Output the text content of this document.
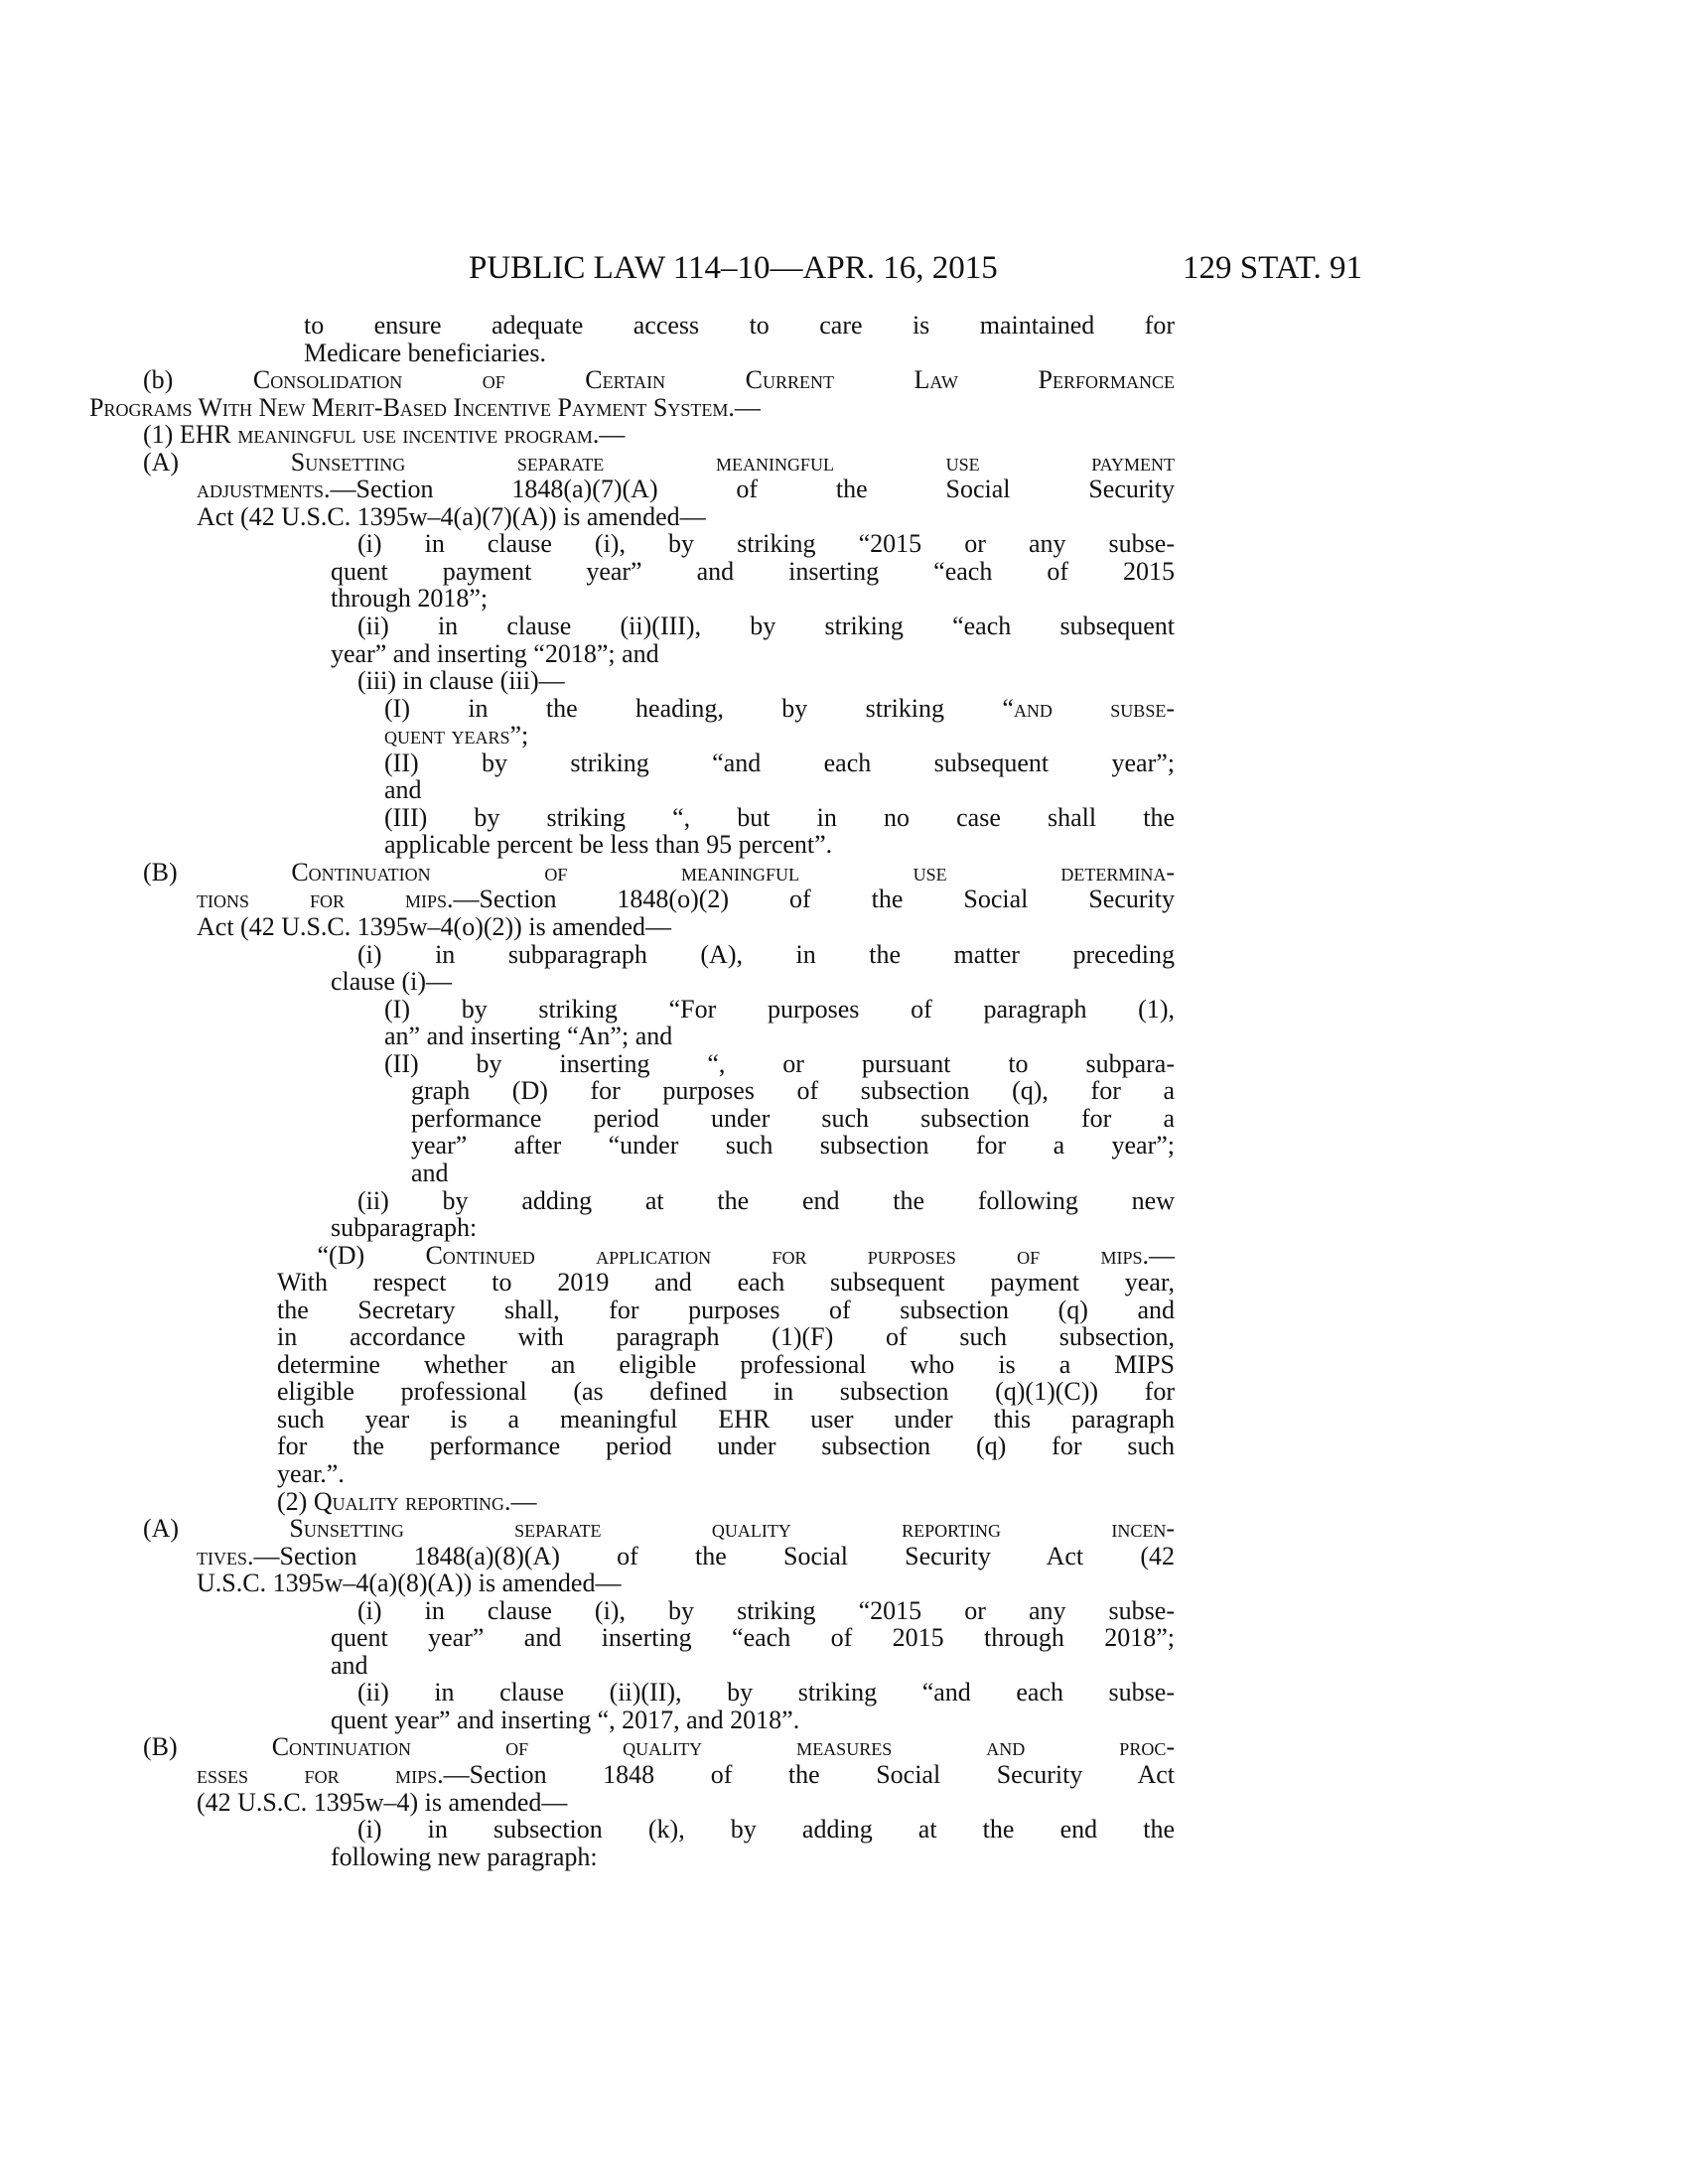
PUBLIC LAW 114–10—APR. 16, 2015	129 STAT. 91
to ensure adequate access to care is maintained for
Medicare beneficiaries.
(b) Consolidation of Certain Current Law Performance
Programs With New Merit-Based Incentive Payment System.—
(1) EHR meaningful use incentive program.—
(A) Sunsetting separate meaningful use payment
adjustments.—Section 1848(a)(7)(A) of the Social Security
Act (42 U.S.C. 1395w–4(a)(7)(A)) is amended—
(i) in clause (i), by striking “2015 or any subse-
quent payment year” and inserting “each of 2015
through 2018”;
(ii) in clause (ii)(III), by striking “each subsequent
year” and inserting “2018”; and
(iii) in clause (iii)—
(I) in the heading, by striking “and subse-
quent years”;
(II) by striking “and each subsequent year”;
and
(III) by striking “, but in no case shall the
applicable percent be less than 95 percent”.
(B) Continuation of meaningful use determina-
tions for mips.—Section 1848(o)(2) of the Social Security
Act (42 U.S.C. 1395w–4(o)(2)) is amended—
(i) in subparagraph (A), in the matter preceding
clause (i)—
(I) by striking “For purposes of paragraph (1),
an” and inserting “An”; and
(II) by inserting “, or pursuant to subpara-
graph (D) for purposes of subsection (q), for a
performance period under such subsection for a
year” after “under such subsection for a year”;
and
(ii) by adding at the end the following new
subparagraph:
“(D) Continued application for purposes of mips.—
With respect to 2019 and each subsequent payment year,
the Secretary shall, for purposes of subsection (q) and
in accordance with paragraph (1)(F) of such subsection,
determine whether an eligible professional who is a MIPS
eligible professional (as defined in subsection (q)(1)(C)) for
such year is a meaningful EHR user under this paragraph
for the performance period under subsection (q) for such
year.”.
(2) Quality reporting.—
(A) Sunsetting separate quality reporting incen-
tives.—Section 1848(a)(8)(A) of the Social Security Act (42
U.S.C. 1395w–4(a)(8)(A)) is amended—
(i) in clause (i), by striking “2015 or any subse-
quent year” and inserting “each of 2015 through 2018”;
and
(ii) in clause (ii)(II), by striking “and each subse-
quent year” and inserting “, 2017, and 2018”.
(B) Continuation of quality measures and proc-
esses for mips.—Section 1848 of the Social Security Act
(42 U.S.C. 1395w–4) is amended—
(i) in subsection (k), by adding at the end the
following new paragraph:
